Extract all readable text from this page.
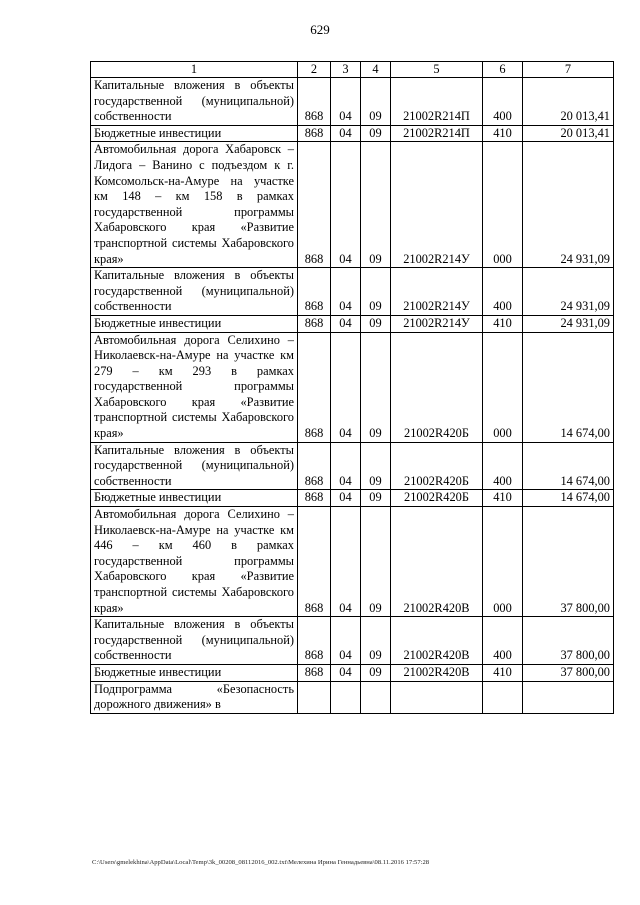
629
1	2	3	4	5	6	7
Капитальные вложения в объекты государственной (муниципальной) собственности	868	04	09	21002R214П	400	20 013,41
Бюджетные инвестиции	868	04	09	21002R214П	410	20 013,41
Автомобильная дорога Хабаровск – Лидога – Ванино с подъездом к г. Комсомольск-на-Амуре на участке км 148 – км 158 в рамках государственной программы Хабаровского края «Развитие транспортной системы Хабаровского края»	868	04	09	21002R214У	000	24 931,09
Капитальные вложения в объекты государственной (муниципальной) собственности	868	04	09	21002R214У	400	24 931,09
Бюджетные инвестиции	868	04	09	21002R214У	410	24 931,09
Автомобильная дорога Селихино – Николаевск-на-Амуре на участке км 279 – км 293 в рамках государственной программы Хабаровского края «Развитие транспортной системы Хабаровского края»	868	04	09	21002R420Б	000	14 674,00
Капитальные вложения в объекты государственной (муниципальной) собственности	868	04	09	21002R420Б	400	14 674,00
Бюджетные инвестиции	868	04	09	21002R420Б	410	14 674,00
Автомобильная дорога Селихино – Николаевск-на-Амуре на участке км 446 – км 460 в рамках государственной программы Хабаровского края «Развитие транспортной системы Хабаровского края»	868	04	09	21002R420В	000	37 800,00
Капитальные вложения в объекты государственной (муниципальной) собственности	868	04	09	21002R420В	400	37 800,00
Бюджетные инвестиции	868	04	09	21002R420В	410	37 800,00
Подпрограмма «Безопасность дорожного движения» в						
C:\Users\gmelekhina\AppData\Local\Temp\3k_00208_08112016_002.txt\Мелехина Ирина Геннадьевна\08.11.2016 17:57:28
